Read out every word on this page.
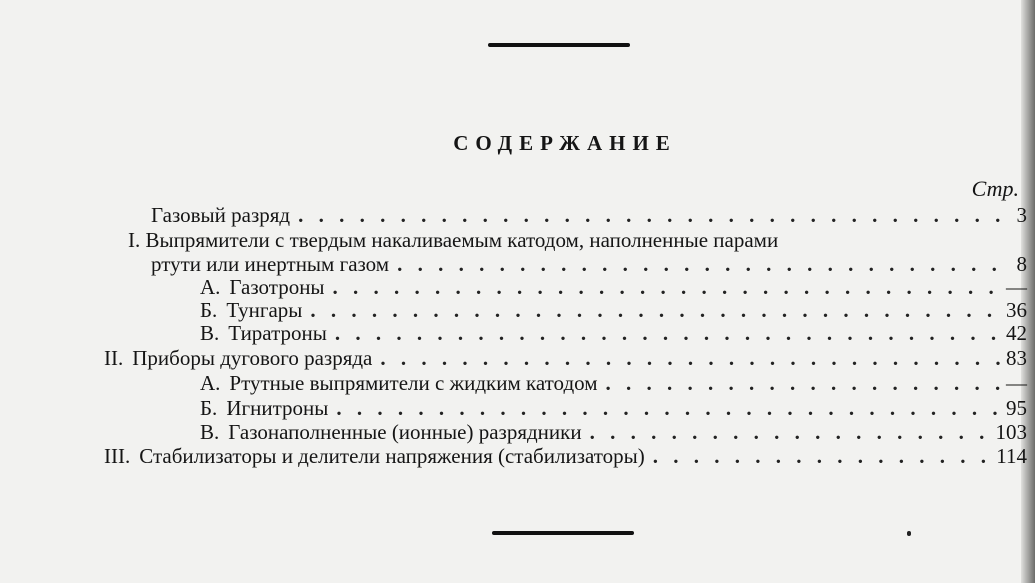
СОДЕРЖАНИЕ
Стр.
Газовый разряд . . .	3
I. Выпрямители с твердым накаливаемым катодом, наполненные парами
ртути или инертным газом . . .	8
А. Газотроны . . .	—
Б. Тунгары . . .	36
В. Тиратроны . . .	42
II. Приборы дугового разряда . . .	83
А. Ртутные выпрямители с жидким катодом . . .	—
Б. Игнитроны . . .	95
В. Газонаполненные (ионные) разрядники . . .	103
III. Стабилизаторы и делители напряжения (стабилизаторы) . . .	114
